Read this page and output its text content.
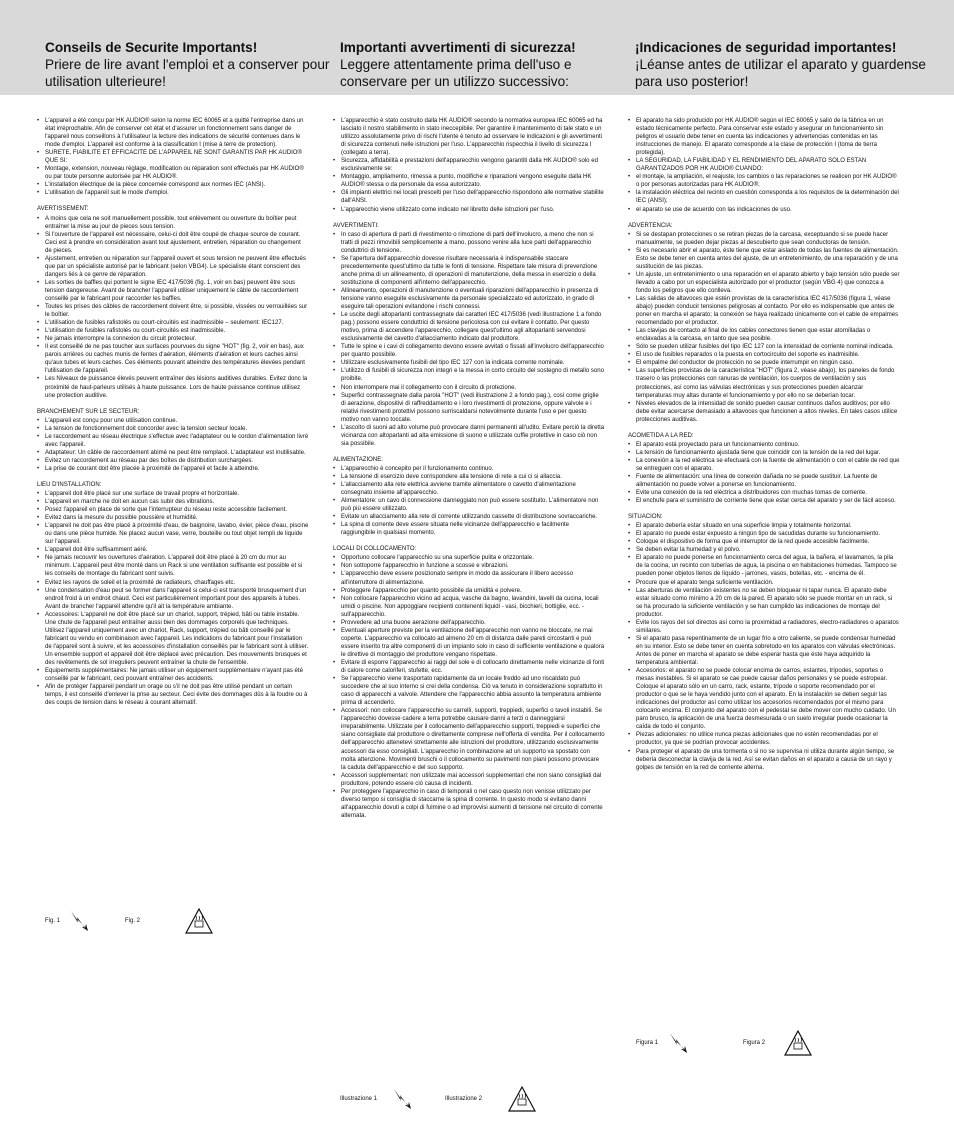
Conseils de Securite Importants!
Priere de lire avant l'emploi et a conserver pour utilisation ulterieure!
Importanti avvertimenti di sicurezza!
Leggere attentamente prima dell'uso e conservare per un utilizzo successivo:
¡Indicaciones de seguridad importantes!
¡Léanse antes de utilizar el aparato y guardense para uso posterior!
• L'appareil a été conçu par HK AUDIO® selon la norme IEC 60065 et a quitté l'entreprise dans un état irréprochable. Afin de conserver cet état et d'assurer un fonctionnement sans danger de l'appareil nous conseillons à l'utilisateur la lecture des indications de sécurité contenues dans le mode d'emploi. L'appareil est conforme à la classification I (mise à terre de protection).
• SURETE, FIABILITE ET EFFICACITE DE L'APPAREIL NE SONT GARANTIS PAR HK AUDIO® QUE SI:
• Montage, extension, nouveau réglage, modification ou réparation sont effectués par HK AUDIO® ou par toute personne autorisée par HK AUDIO®.
• L'installation électrique de la pièce concernée correspond aux normes IEC (ANSI).
• L'utilisation de l'appareil suit le mode d'emploi.
AVERTISSEMENT:
• A moins que cela ne soit manuellement possible, tout enlèvement ou ouverture du boîtier peut entraîner la mise au jour de pieces sous tension.
• Si l'ouverture de l'appareil est nécessaire, celui-ci doit être coupé de chaque source de courant. Ceci est à prendre en considération avant tout ajustement, entretien, réparation ou changement de pieces.
• Ajustement, entretien ou réparation sur l'appareil ouvert et sous tension ne peuvent être effectués que par un spécialiste autorisé par le fabricant (selon VBG4). Le spécialiste étant conscient des dangers liés à ce genre de réparation.
• Les sorties de baffles qui portent le signe IEC 417/5036 (fig. 1, voir en bas) peuvent être sous tension dangereuse. Avant de brancher l'appareil utiliser uniquement le câble de raccordement conseillé par le fabricant pour raccorder les baffles.
• Toutes les prises des câbles de raccordement doivent être, si possible, vissées ou verrouillées sur le boîtier.
• L'utilisation de fusibles rafistolés ou court-circuités est inadmissible – seulement: IEC127.
• L'utilisation de fusibles rafistolés ou court-circuités est inadmissible.
• Ne jamais interrompre la connexion du circuit protecteur.
• Il est conseillé de ne pas toucher aux surfaces pourvues du signe "HOT" (fig. 2, voir en bas), aux parois arrières ou caches munis de fentes d'aération, éléments d'aération et leurs caches ainsi qu'aux tubes et leurs caches. Ces éléments pouvant atteindre des températures élevées pendant l'utilisation de l'appareil.
• Les Niveaux de puissance élevés peuvent entraîner des lésions auditives durables. Evitez donc la proximité de haut-parleurs utilisés à haute puissance. Lors de haute puissance continue utilisez une protection auditive.
BRANCHEMENT SUR LE SECTEUR:
• L'appareil est conçu pour une utilisation continue.
• La tension de fonctionnement doit concorder avec la tension secteur locale.
• Le raccordement au réseau électrique s'effectue avec l'adaptateur ou le cordon d'alimentation livré avec l'appareil.
• Adaptateur: Un câble de raccordement abimé ne peut être remplacé. L'adaptateur est inutilisable.
• Evitez un raccordement au réseau par des boîtes de distribution surchargées.
• La prise de courant doit être placée à proximité de l'appareil et facile à atteindre.
LIEU D'INSTALLATION:
• L'appareil doit être placé sur une surface de travail propre et horizontale.
• L'appareil en marche ne doit en aucun cas subir des vibrations.
• Posez l'appareil en place de sorte que l'interrupteur du réseau reste accessible facilement.
• Evitez dans la mesure du possible poussière et humidité.
• L'appareil ne doit pas être placé à proximité d'eau, de baignoire, lavabo, évier, pièce d'eau, piscine ou dans une pièce humide. Ne placez aucun vase, verre, bouteille ou tout objet rempli de liquide sur l'appareil.
• L'appareil doit être suffisamment aéré.
• Ne jamais recouvrir les ouvertures d'aération. L'appareil doit être placé à 20 cm du mur au minimum. L'appareil peut être monté dans un Rack si une ventilation suffisante est possible et si les conseils de montage du fabricant sont suivis.
• Evitez les rayons de soleil et la proximité de radiateurs, chauffages etc.
• Une condensation d'eau peut se former dans l'appareil si celui-ci est transporté brusquement d'un endroit froid à un endroit chaud. Ceci est particulièrement important pour des appareils à tubes. Avant de brancher l'appareil attendre qu'il ait la température ambiante.
• Accessoires: L'appareil ne doit être placé sur un chariot, support, trépied, bâti ou table instable. Une chute de l'appareil peut entraîner aussi bien des dommages corporels que techniques. Utilisez l'appareil uniquement avec un chariot, Rack, support, trépied ou bâti conseillé par le fabricant ou vendu en combinaison avec l'appareil. Les indications du fabricant pour l'installation de l'appareil sont à suivre, et les accessoires d'installation conseillés par le fabricant sont à utiliser. Un ensemble support et appareil doit être déplacé avec précaution. Des mouvements brusques et des revêtements de sol irreguliers peuvent entraîner la chute de l'ensemble.
• Equipements supplémentaires: Ne jamais utiliser un équipement supplémentaire n'ayant pas été conseillé par le fabricant, ceci pouvant entraîner des accidents.
• Afin de protéger l'appareil pendant un orage ou s'il ne doit pas être utilisé pendant un certain temps, il est conseillé d'enlever la prise au secteur. Ceci évite des dommages dûs à la foudre ou à des coups de tension dans le réseau à courant alternatif.
• L'apparecchio è stato costruito dalla HK AUDIO® secondo la normativa europea IEC 60065 ed ha lasciato il nostro stabilimento in stato ineccepibile. Per garantire il mantenimento di tale stato e un utilizzo assolutamente privo di rischi l'utente è tenuto ad osservare le indicazioni e gli avvertimenti di sicurezza contenuti nelle istruzioni per l'uso. L'apparecchio rispecchia il livello di sicurezza I (collegato a terra).
• Sicurezza, affidabilità e prestazioni dell'apparecchio vengono garantiti dalla HK AUDIO® solo ed esclusivamente se:
• Montaggio, ampliamento, rimessa a punto, modifiche e riparazioni vengono eseguite dalla HK AUDIO® stessa o da personale da essa autorizzato.
• Gli impianti elettrici nei locali prescelti per l'uso dell'apparecchio rispondono alle normative stabilite dall'ANSI.
• L'apparecchio viene utilizzato come indicato nel libretto delle istruzioni per l'uso.
AVVERTIMENTI:
• In caso di apertura di parti di rivestimento o rimozione di parti dell'involucro, a meno che non si tratti di pezzi rimovibili semplicemente a mano, possono venire alla luce parti dell'apparecchio conduttrici di tensione.
• Se l'apertura dell'apparecchio dovesse risultare necessaria è indispensabile staccare precedentemente quest'ultimo da tutte le fonti di tensione. Rispettare tale misura di prevenzione anche prima di un allineamento, di operazioni di manutenzione, della messa in esercizio o della sostituzione di componenti all'interno dell'apparecchio.
• Allineamento, operazioni di manutenzione o eventuali riparazioni dell'apparecchio in presenza di tensione vanno eseguite esclusivamente da personale specializzato ed autorizzato, in grado di eseguire tali operazioni evitandone i rischi connessi.
• Le uscite degli altoparlanti contrassegnate dai caratteri IEC 417/5036 (vedi illustrazione 1 a fondo pag.) possono essere conduttrici di tensione pericolosa con cui evitare il contatto. Per questo motivo, prima di accendere l'apparecchio, collegare quest'ultimo agli altoparlanti servendosi esclusivamente del cavetto d'allacciamento indicato dal produttore.
• Tutte le spine e i cavi di collegamento devono essere avvitati o fissati all'involucro dell'apparecchio per quanto possibile.
• Utilizzare esclusivamente fusibili del tipo IEC 127 con la indicata corrente nominale.
• L'utilizzo di fusibili di sicurezza non integri e la messa in corto circuito del sostegno di metallo sono proibite.
• Non interrompere mai il collegamento con il circuito di protezione.
• Superfici contrassegnate dalla parola "HOT" (vedi illustrazione 2 a fondo pag.), così come griglie di aerazione, dispositivi di raffreddamento e i loro rivestimenti di protezione, oppure valvole e i relativi rivestimenti protettivi possono surriscaldarsi notevolmente durante l'uso e per questo motivo non vanno toccate.
• L'ascolto di suoni ad alto volume può provocare danni permanenti all'udito. Evitare perciò la diretta vicinanza con altoparlanti ad alta emissione di suono e utilizzate cuffie protettive in caso ciò non sia possibile.
ALIMENTAZIONE:
• L'apparecchio è concepito per il funzionamento continuo.
• La tensione di esercizio deve corrispondere alla tensione di rete a cui ci si allaccia.
• L'allacciamento alla rete elettrica avviene tramite alimentatore o cavetto d'alimentazione consegnato insieme all'apparecchio.
• Alimentatore: un cavo di connessione danneggiato non può essere sostituito. L'alimentatore non può più essere utilizzato.
• Evitate un allacciamento alla rete di corrente utilizzando cassette di distribuzione sovraccariche.
• La spina di corrente deve essere situata nelle vicinanze dell'apparecchio e facilmente raggiungibile in qualsiasi momento.
LOCALI DI COLLOCAMENTO:
• Opportuno collocare l'apparecchio su una superficie pulita e orizzontale.
• Non sottoporre l'apparecchio in funzione a scosse e vibrazioni.
• L'apparecchio deve essere posizionato sempre in modo da assicurare il libero accesso all'interruttore di alimentazione.
• Proteggere l'apparecchio per quanto possibile da umidità e polvere.
• Non collocare l'apparecchio vicino ad acqua, vasche da bagno, lavandini, lavelli da cucina, locali umidi o piscine. Non appoggiare recipienti contenenti liquidi - vasi, bicchieri, bottiglie, ecc. - sull'apparecchio.
• Provvedere ad una buone aerazione dell'apparecchio.
• Eventuali aperture previste per la ventilazione dell'apparecchio non vanno ne bloccate, ne mai coperte. L'apparecchio va collocato ad almeno 20 cm di distanza dalle pareti circostanti e può essere inserito tra altre componenti di un impianto solo in caso di sufficiente ventilazione e qualora le direttive di montaggio del produttore vengano rispettate.
• Evitare di esporre l'apparecchio ai raggi del sole e di collocarlo direttamente nelle vicinanze di fonti di calore come caloriferi, stufette, ecc.
• Se l'apparecchio viene trasportato rapidamente da un locale freddo ad uno riscaldato può succedere che al suo interno si crei della condensa. Ciò va tenuto in considerazione soprattutto in caso di apparecchi a valvole. Attendere che l'apparecchio abbia assunto la temperatura ambiente prima di accenderlo.
• Accessori: non collocare l'apparecchio su carrelli, supporti, treppiedi, superfici o tavoli instabili. Se l'apparecchio dovesse cadere a terra potrebbe causare danni a terzi o danneggiarsi irreparabilmente. Utilizzate per il collocamento dell'apparecchio supporti, treppiedi e superfici che siano consigliate dal produttore o direttamente comprese nell'offerta di vendita. Per il collocamento dell'apparecchio attenetevi strettamente alle istruzioni del produttore, utilizzando esclusivamente accessori da esso consigliati. L'apparecchio in combinazione ad un supporto va spostato con molta attenzione. Movimenti bruschi o il collocamento su pavimenti non piani possono provocare la caduta dell'apparecchio e del suo supporto.
• Accessori supplementari: non utilizzate mai accessori supplementari che non siano consigliati dal produttore, potendo essere ciò causa di incidenti.
• Per proteggere l'apparecchio in caso di temporali o nel caso questo non venisse utilizzato per diverso tempo si consiglia di staccarne la spina di corrente. In questo modo si evitano danni all'apparecchio dovuti a colpi di fulmine o ad improvvisi aumenti di tensione nel circuito di corrente alternata.
• El aparato ha sido producido por HK AUDIO® según el IEC 60065 y salió de la fábrica en un estado técnicamente perfecto. Para conservar este estado y asegurar un funcionamiento sin peligros el usuario debe tener en cuenta las indicaciones y advertencias contenidas en las instrucciones de manejo. El aparato corresponde a la clase de protección I (toma de tierra protegida).
• LA SEGURIDAD, LA FIABILIDAD Y EL RENDIMIENTO DEL APARATO SOLO ESTAN GARANTIZADOS POR HK AUDIO® CUANDO:
• el montaje, la ampliación, el reajuste, los cambios o las reparaciones se realicen por HK AUDIO® o por personas autorizadas para HK AUDIO®;
• la instalación eléctrica del recinto en cuestión corresponda a los requisitos de la determinación del IEC (ANSI);
• el aparato se use de acuerdo con las indicaciones de uso.
ADVERTENCIA:
• Si se destapan protecciones o se retiran piezas de la carcasa, exceptuando si se puede hacer manualmente, se pueden dejar piezas al descubierto que sean conductoras de tensión.
• Si es necesario abrir el aparato, éste tiene que estar aislado de todas las fuentes de alimentación. Esto se debe tener en cuenta antes del ajuste, de un entretenimiento, de una reparación y de una sustitución de las piezas.
• Un ajuste, un entretenimiento o una reparación en el aparato abierto y bajo tensión sólo puede ser llevado a cabo por un especialista autorizado por el productor (según VBG 4) que conozca a fondo los peligros que ello conlleva.
• Las salidas de altavoces que estén provistas de la característica IEC 417/5036 (figura 1, véase abajo) pueden conducir tensiones peligrosas al contacto. Por ello es indispensable que antes de poner en marcha el aparato; la conexión se haya realizado únicamente con el cable de empalmes recomendado por el productor.
• Las clavijas de contacto al final de los cables conectores tienen que estar atornilladas o enclavadas a la carcasa, en tanto que sea posible.
• Sólo se pueden utilizar fusibles del tipo IEC 127 con la intensidad de corriente nominal indicada.
• El uso de fusibles reparados o la puesta en cortocircuito del soporte es inadmisible.
• El empalme del conductor de protección no se puede interrumpir en ningún caso.
• Las superficies provistas de la característica "HOT" (figura 2, véase abajo), los paneles de fondo trasero o las protecciones con ranuras de ventilación, los cuerpos de ventilación y sus protecciones, así como las válvulas electrónicas y sus protecciones pueden alcanzar temperaturas muy altas durante el funcionamiento y por ello no se deberían tocar.
• Niveles elevados de la intensidad de sonido pueden causar continuos daños auditivos; por ello debe evitar acercarse demasiado a altavoces que funcionen a altos niveles. En tales casos utilice protecciones auditivas.
ACOMETIDA A LA RED:
• El aparato está proyectado para un funcionamiento continuo.
• La tensión de funcionamiento ajustada tiene que coincidir con la tensión de la red del lugar.
• La conexión a la red eléctrica se efectuará con la fuente de alimentación o con el cable de red que se entreguen con el aparato.
• Fuente de alimentación: una línea de conexión dañada no se puede sustituir. La fuente de alimentación no puede volver a ponerse en funcionamiento.
• Evite una conexión de la red eléctrica a distribuidores con muchas tomas de corriente.
• El enchufe para el suministro de corriente tiene que estar cerca del aparato y ser de fácil acceso.
SITUACION:
• El aparato debería estar situado en una superficie limpia y totalmente horizontal.
• El aparato no puede estar expuesto a ningún tipo de sacudidas durante su funcionamiento.
• Coloque el dispositivo de forma que el interruptor de la red quede accesible facilmente.
• Se deben evitar la humedad y el polvo.
• El aparato no puede ponerse en funcionamiento cerca del agua, la bañera, el lavamanos, la pila de la cocina, un recinto con tuberías de agua, la piscina o en habitaciones húmedas. Tampoco se pueden poner objetos llenos de líquido - jarrones, vasos, botellas, etc. - encima de él.
• Procure que el aparato tenga suficiente ventilación.
• Las aberturas de ventilación existentes no se deben bloquear ni tapar nunca. El aparato debe estar situado como mínimo a 20 cm de la pared. El aparato sólo se puede montar en un rack, si se ha procurado la suficiente ventilación y se han cumplido las indicaciones de montaje del productor.
• Evite los rayos del sol directos así como la proximidad a radiadores, electro-radiadores o aparatos similares.
• Si el aparato pasa repentinamente de un lugar frío a otro caliente, se puede condensar humedad en su interior. Esto se debe tener en cuenta sobretodo en los aparatos con válvulas electrónicas. Antes de poner en marcha el aparato se debe esperar hasta que éste haya adquirido la temperatura ambiental.
• Accesorios: el aparato no se puede colocar encima de carros, estantes, trípodes, soportes o mesas inestables. Si el aparato se cae puede causar daños personales y se puede estropear. Coloque el aparato sólo en un carro, rack, estante, trípode o soporte recomendado por el productor o que se le haya vendido junto con el aparato. En la instalación se deben seguir las indicaciones del productor así como utilizar los accesorios recomendados por el mismo para colocarlo encima. El conjunto del aparato con el pedestal se debe mover con mucho cuidado. Un paro brusco, la aplicación de una fuerza desmesurada o un suelo irregular puede ocasionar la caída de todo el conjunto.
• Piezas adicionales: no utilice nunca piezas adicionales que no estén recomendadas por el productor, ya que se podrían provocar accidentes.
• Para proteger el aparato de una tormenta o si no se supervisa ni utiliza durante algún tiempo, se debería desconectar la clavija de la red. Así se evitan daños en el aparato a causa de un rayo y golpes de tensión en la red de corriente alterna.
Fig. 1	Fig. 2
Illustrazione 1	Illustrazione 2
Figura 1	Figura 2
